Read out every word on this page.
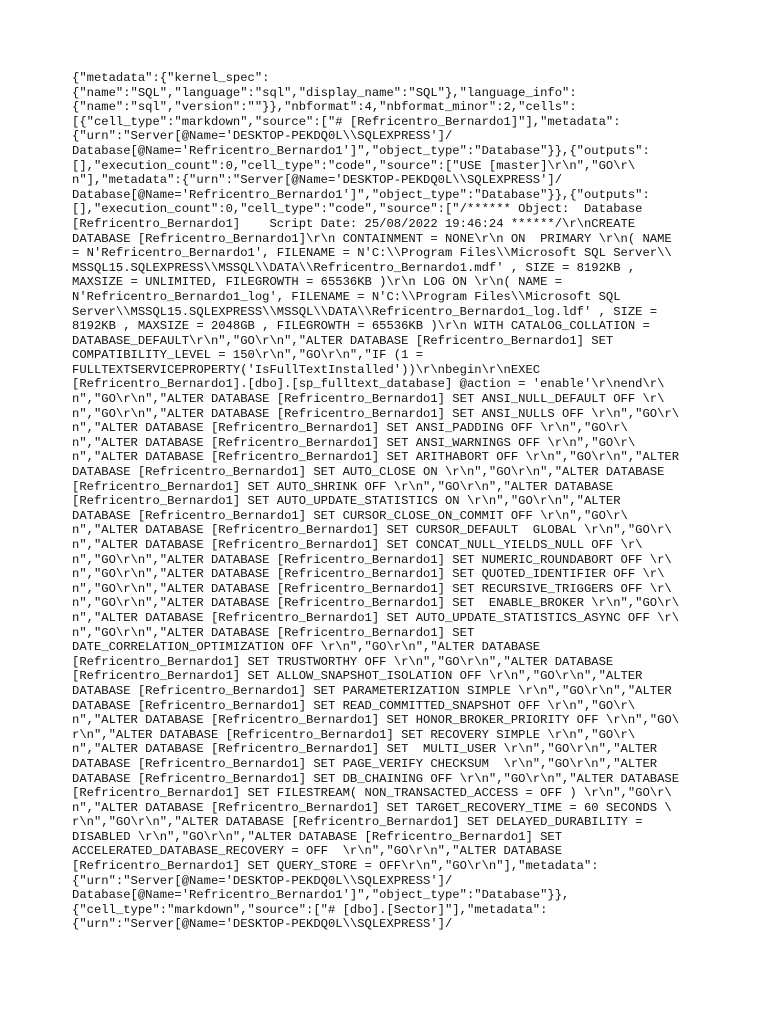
{"metadata":{"kernel_spec":
{"name":"SQL","language":"sql","display_name":"SQL"},"language_info":
{"name":"sql","version":""}},"nbformat":4,"nbformat_minor":2,"cells":
[{"cell_type":"markdown","source":["# [Refricentro_Bernardo1]"],"metadata":
{"urn":"Server[@Name='DESKTOP-PEKDQ0L\\SQLEXPRESS']/
Database[@Name='Refricentro_Bernardo1']","object_type":"Database"}},{"outputs":
[],"execution_count":0,"cell_type":"code","source":["USE [master]\r\n","GO\r\
n"],"metadata":{"urn":"Server[@Name='DESKTOP-PEKDQ0L\\SQLEXPRESS']/
Database[@Name='Refricentro_Bernardo1']","object_type":"Database"}},{"outputs":
[],"execution_count":0,"cell_type":"code","source":["/****** Object:  Database
[Refricentro_Bernardo1]    Script Date: 25/08/2022 19:46:24 ******/\r\nCREATE
DATABASE [Refricentro_Bernardo1]\r\n CONTAINMENT = NONE\r\n ON  PRIMARY \r\n( NAME
= N'Refricentro_Bernardo1', FILENAME = N'C:\\Program Files\\Microsoft SQL Server\\
MSSQL15.SQLEXPRESS\\MSSQL\\DATA\\Refricentro_Bernardo1.mdf' , SIZE = 8192KB ,
MAXSIZE = UNLIMITED, FILEGROWTH = 65536KB )\r\n LOG ON \r\n( NAME =
N'Refricentro_Bernardo1_log', FILENAME = N'C:\\Program Files\\Microsoft SQL
Server\\MSSQL15.SQLEXPRESS\\MSSQL\\DATA\\Refricentro_Bernardo1_log.ldf' , SIZE =
8192KB , MAXSIZE = 2048GB , FILEGROWTH = 65536KB )\r\n WITH CATALOG_COLLATION =
DATABASE_DEFAULT\r\n","GO\r\n","ALTER DATABASE [Refricentro_Bernardo1] SET
COMPATIBILITY_LEVEL = 150\r\n","GO\r\n","IF (1 =
FULLTEXTSERVICEPROPERTY('IsFullTextInstalled'))\r\nbegin\r\nEXEC
[Refricentro_Bernardo1].[dbo].[sp_fulltext_database] @action = 'enable'\r\nend\r\
n","GO\r\n","ALTER DATABASE [Refricentro_Bernardo1] SET ANSI_NULL_DEFAULT OFF \r\
n","GO\r\n","ALTER DATABASE [Refricentro_Bernardo1] SET ANSI_NULLS OFF \r\n","GO\r\
n","ALTER DATABASE [Refricentro_Bernardo1] SET ANSI_PADDING OFF \r\n","GO\r\
n","ALTER DATABASE [Refricentro_Bernardo1] SET ANSI_WARNINGS OFF \r\n","GO\r\
n","ALTER DATABASE [Refricentro_Bernardo1] SET ARITHABORT OFF \r\n","GO\r\n","ALTER
DATABASE [Refricentro_Bernardo1] SET AUTO_CLOSE ON \r\n","GO\r\n","ALTER DATABASE
[Refricentro_Bernardo1] SET AUTO_SHRINK OFF \r\n","GO\r\n","ALTER DATABASE
[Refricentro_Bernardo1] SET AUTO_UPDATE_STATISTICS ON \r\n","GO\r\n","ALTER
DATABASE [Refricentro_Bernardo1] SET CURSOR_CLOSE_ON_COMMIT OFF \r\n","GO\r\
n","ALTER DATABASE [Refricentro_Bernardo1] SET CURSOR_DEFAULT  GLOBAL \r\n","GO\r\
n","ALTER DATABASE [Refricentro_Bernardo1] SET CONCAT_NULL_YIELDS_NULL OFF \r\
n","GO\r\n","ALTER DATABASE [Refricentro_Bernardo1] SET NUMERIC_ROUNDABORT OFF \r\
n","GO\r\n","ALTER DATABASE [Refricentro_Bernardo1] SET QUOTED_IDENTIFIER OFF \r\
n","GO\r\n","ALTER DATABASE [Refricentro_Bernardo1] SET RECURSIVE_TRIGGERS OFF \r\
n","GO\r\n","ALTER DATABASE [Refricentro_Bernardo1] SET  ENABLE_BROKER \r\n","GO\r\
n","ALTER DATABASE [Refricentro_Bernardo1] SET AUTO_UPDATE_STATISTICS_ASYNC OFF \r\
n","GO\r\n","ALTER DATABASE [Refricentro_Bernardo1] SET
DATE_CORRELATION_OPTIMIZATION OFF \r\n","GO\r\n","ALTER DATABASE
[Refricentro_Bernardo1] SET TRUSTWORTHY OFF \r\n","GO\r\n","ALTER DATABASE
[Refricentro_Bernardo1] SET ALLOW_SNAPSHOT_ISOLATION OFF \r\n","GO\r\n","ALTER
DATABASE [Refricentro_Bernardo1] SET PARAMETERIZATION SIMPLE \r\n","GO\r\n","ALTER
DATABASE [Refricentro_Bernardo1] SET READ_COMMITTED_SNAPSHOT OFF \r\n","GO\r\
n","ALTER DATABASE [Refricentro_Bernardo1] SET HONOR_BROKER_PRIORITY OFF \r\n","GO\
r\n","ALTER DATABASE [Refricentro_Bernardo1] SET RECOVERY SIMPLE \r\n","GO\r\
n","ALTER DATABASE [Refricentro_Bernardo1] SET  MULTI_USER \r\n","GO\r\n","ALTER
DATABASE [Refricentro_Bernardo1] SET PAGE_VERIFY CHECKSUM  \r\n","GO\r\n","ALTER
DATABASE [Refricentro_Bernardo1] SET DB_CHAINING OFF \r\n","GO\r\n","ALTER DATABASE
[Refricentro_Bernardo1] SET FILESTREAM( NON_TRANSACTED_ACCESS = OFF ) \r\n","GO\r\
n","ALTER DATABASE [Refricentro_Bernardo1] SET TARGET_RECOVERY_TIME = 60 SECONDS \
r\n","GO\r\n","ALTER DATABASE [Refricentro_Bernardo1] SET DELAYED_DURABILITY =
DISABLED \r\n","GO\r\n","ALTER DATABASE [Refricentro_Bernardo1] SET
ACCELERATED_DATABASE_RECOVERY = OFF  \r\n","GO\r\n","ALTER DATABASE
[Refricentro_Bernardo1] SET QUERY_STORE = OFF\r\n","GO\r\n"],"metadata":
{"urn":"Server[@Name='DESKTOP-PEKDQ0L\\SQLEXPRESS']/
Database[@Name='Refricentro_Bernardo1']","object_type":"Database"}},
{"cell_type":"markdown","source":["# [dbo].[Sector]"],"metadata":
{"urn":"Server[@Name='DESKTOP-PEKDQ0L\\SQLEXPRESS']/
